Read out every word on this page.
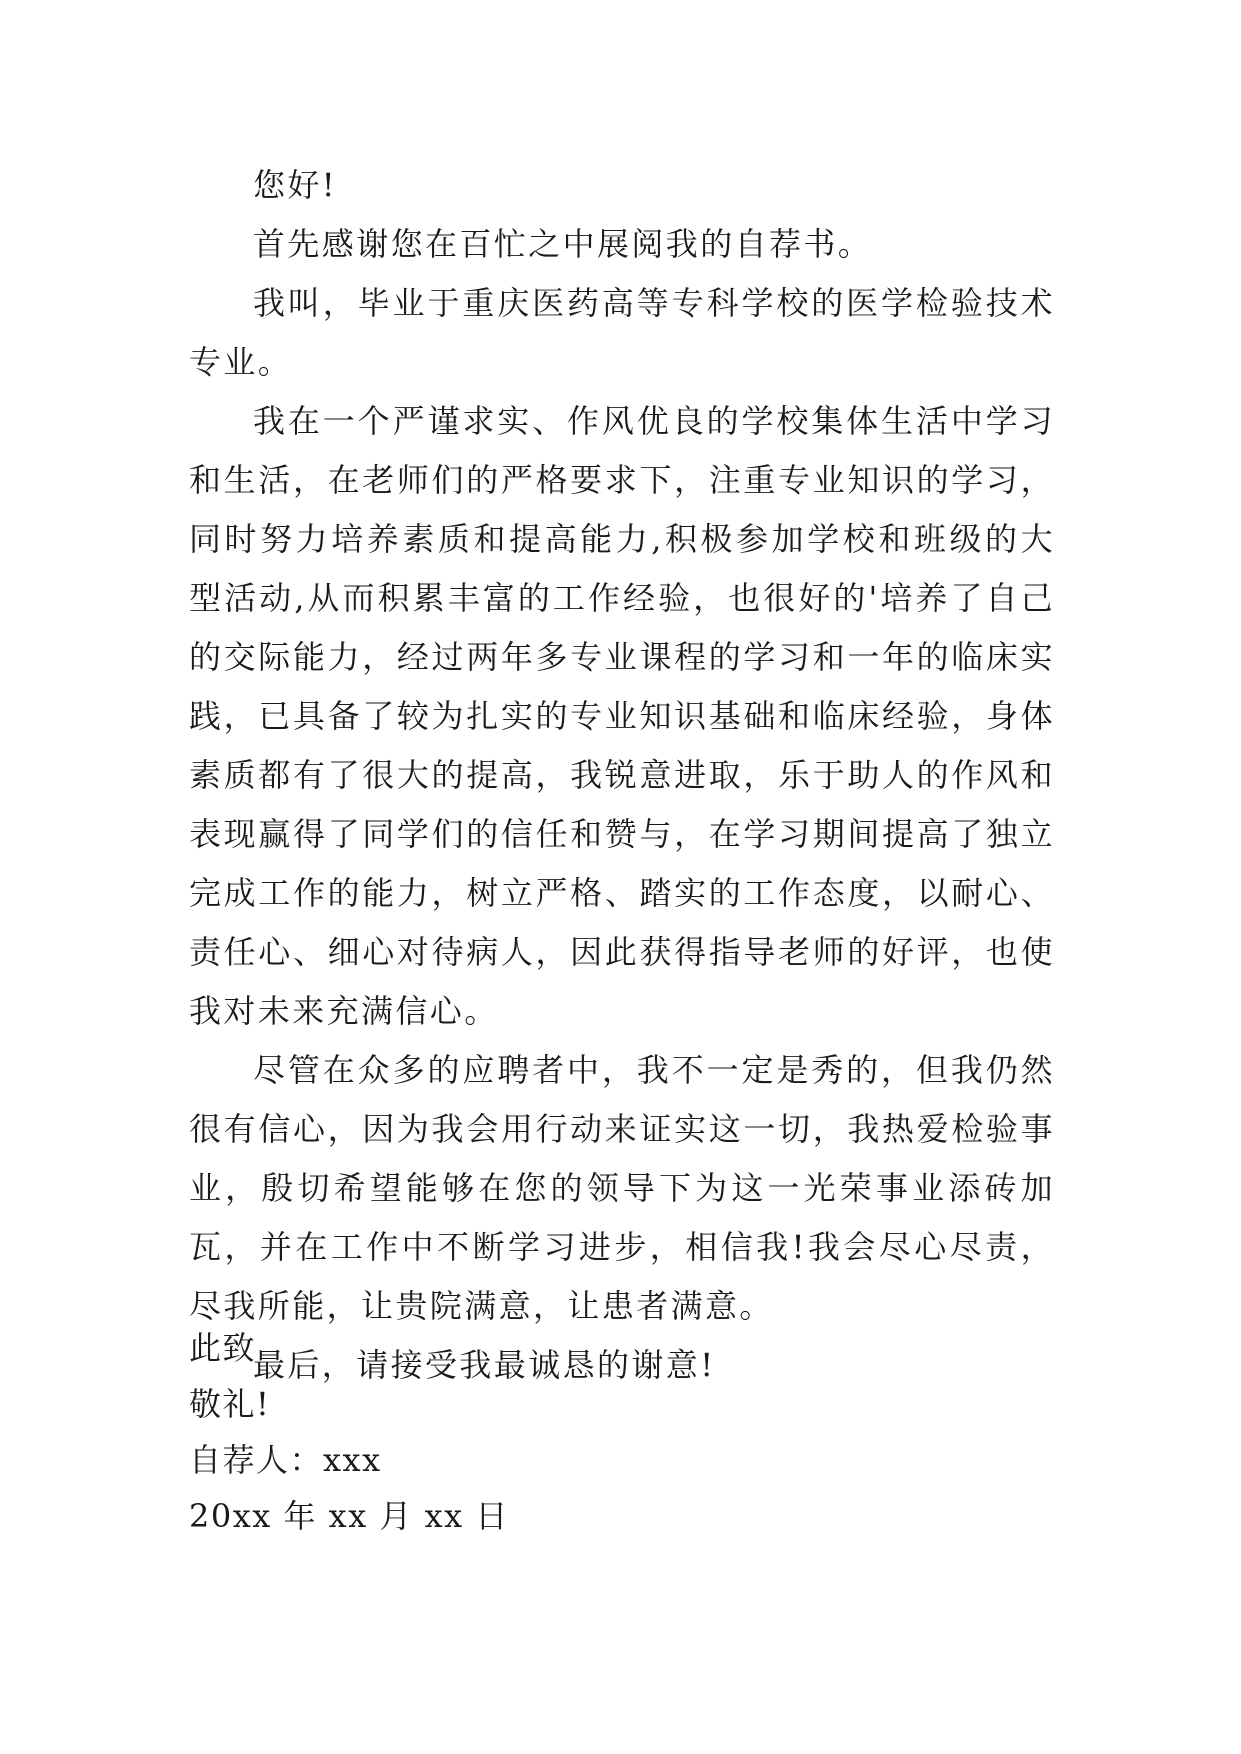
您好!

首先感谢您在百忙之中展阅我的自荐书。

我叫，毕业于重庆医药高等专科学校的医学检验技术专业。

我在一个严谨求实、作风优良的学校集体生活中学习和生活，在老师们的严格要求下，注重专业知识的学习，同时努力培养素质和提高能力,积极参加学校和班级的大型活动,从而积累丰富的工作经验，也很好的'培养了自己的交际能力，经过两年多专业课程的学习和一年的临床实践，已具备了较为扎实的专业知识基础和临床经验，身体素质都有了很大的提高，我锐意进取，乐于助人的作风和表现赢得了同学们的信任和赞与，在学习期间提高了独立完成工作的能力，树立严格、踏实的工作态度，以耐心、责任心、细心对待病人，因此获得指导老师的好评，也使我对未来充满信心。

尽管在众多的应聘者中，我不一定是秀的，但我仍然很有信心，因为我会用行动来证实这一切，我热爱检验事业，殷切希望能够在您的领导下为这一光荣事业添砖加瓦，并在工作中不断学习进步，相信我!我会尽心尽责，尽我所能，让贵院满意，让患者满意。

最后，请接受我最诚恳的谢意!

此致
敬礼!
自荐人：xxx
20xx 年 xx 月 xx 日
